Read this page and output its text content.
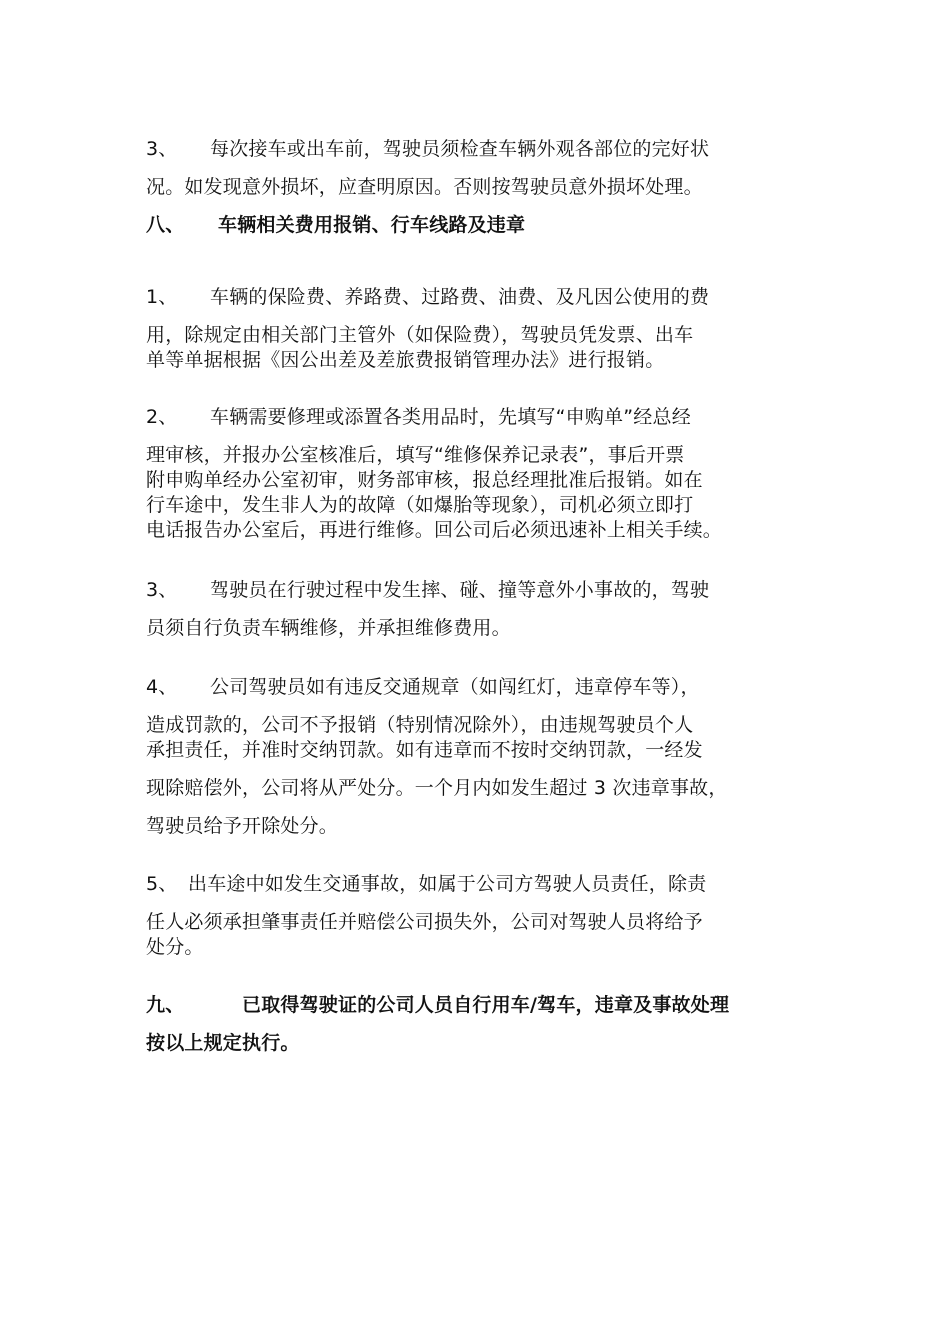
3、 每次接车或出车前，驾驶员须检查车辆外观各部位的完好状
况。如发现意外损坏，应查明原因。否则按驾驶员意外损坏处理。
八、 车辆相关费用报销、行车线路及违章
1、 车辆的保险费、养路费、过路费、油费、及凡因公使用的费
用，除规定由相关部门主管外（如保险费），驾驶员凭发票、出车
单等单据根据《因公出差及差旅费报销管理办法》进行报销。
2、 车辆需要修理或添置各类用品时，先填写“申购单”经总经
理审核，并报办公室核准后，填写“维修保养记录表”，事后开票
附申购单经办公室初审，财务部审核，报总经理批准后报销。如在
行车途中，发生非人为的故障（如爆胎等现象），司机必须立即打
电话报告办公室后，再进行维修。回公司后必须迅速补上相关手续。
3、 驾驶员在行驶过程中发生摔、碰、撞等意外小事故的，驾驶
员须自行负责车辆维修，并承担维修费用。
4、 公司驾驶员如有违反交通规章（如闯红灯，违章停车等），
造成罚款的，公司不予报销（特别情况除外），由违规驾驶员个人
承担责任，并准时交纳罚款。如有违章而不按时交纳罚款，一经发
现除赔偿外，公司将从严处分。一个月内如发生超过 3 次违章事故，
驾驶员给予开除处分。
5、 出车途中如发生交通事故，如属于公司方驾驶人员责任，除责
任人必须承担肇事责任并赔偿公司损失外，公司对驾驶人员将给予
处分。
九、	已取得驾驶证的公司人员自行用车/驾车，违章及事故处理
按以上规定执行。
